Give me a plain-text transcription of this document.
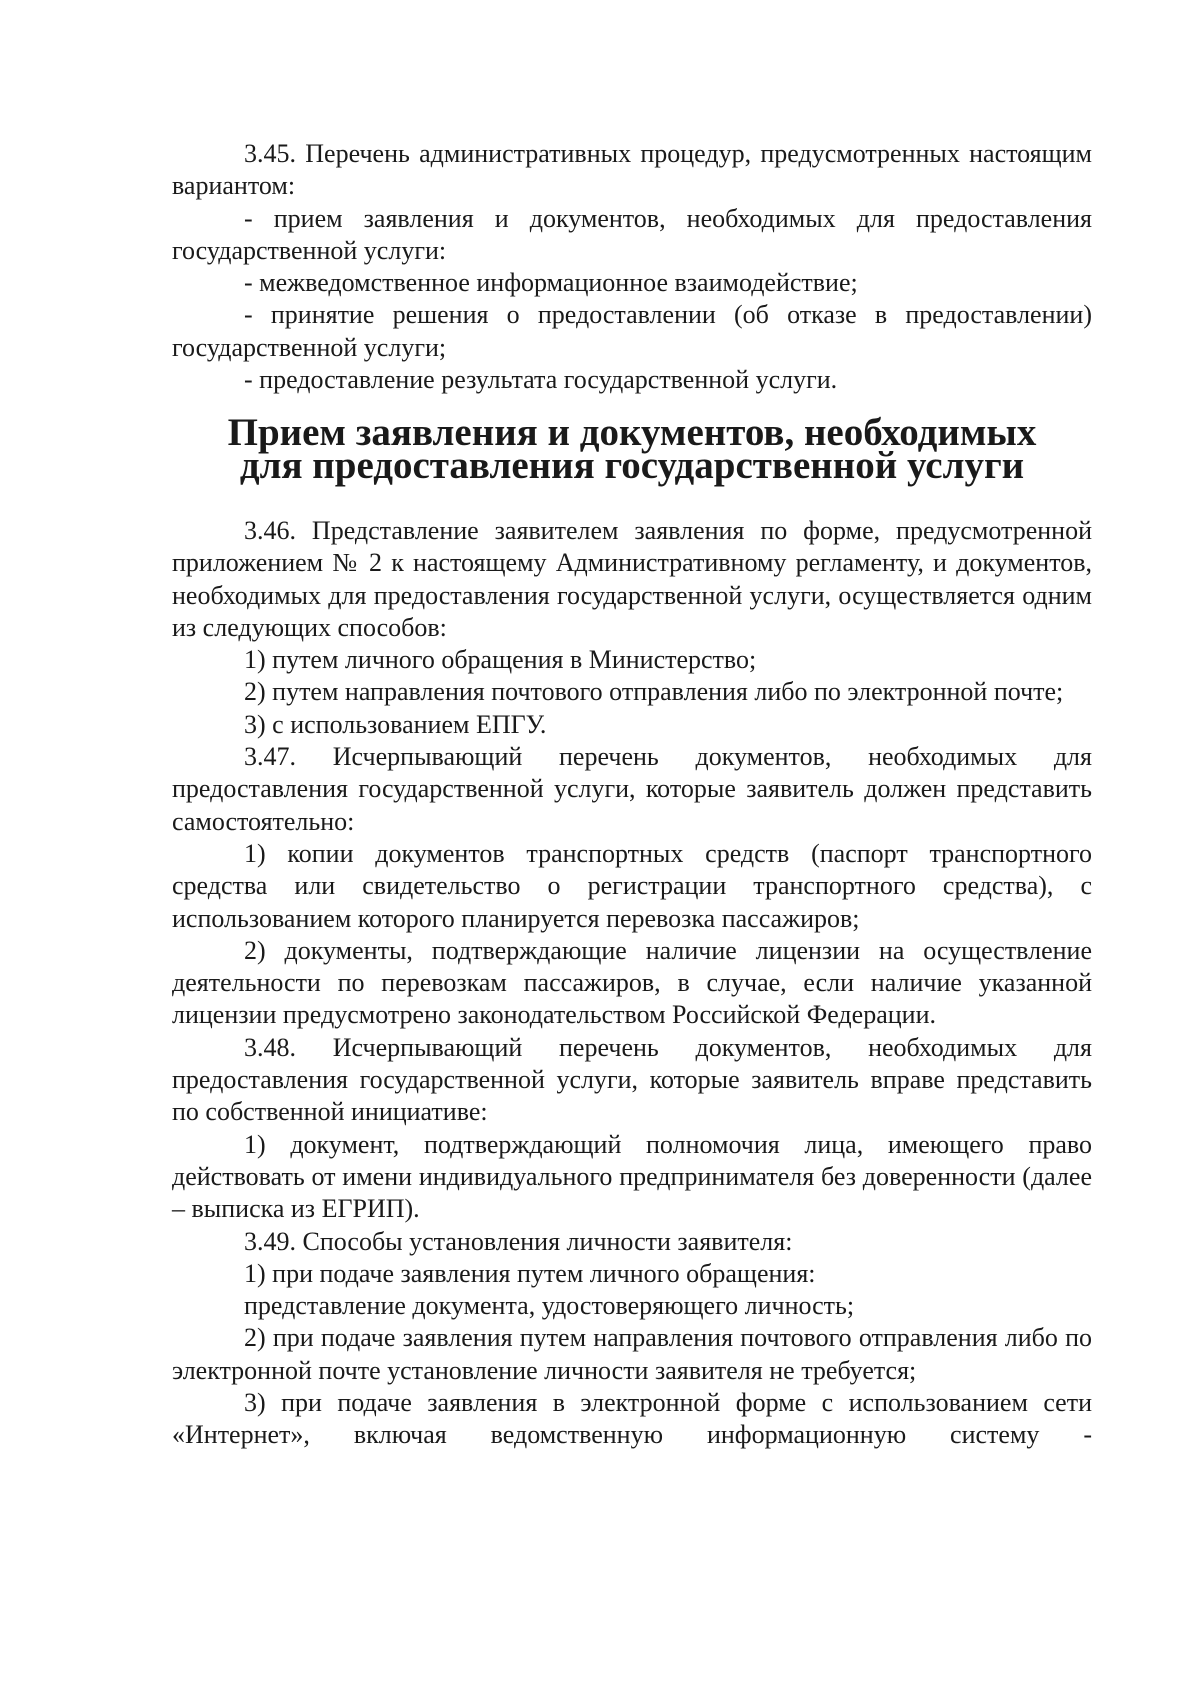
3.45. Перечень административных процедур, предусмотренных настоящим вариантом:

- прием заявления и документов, необходимых для предоставления государственной услуги:

- межведомственное информационное взаимодействие;

- принятие решения о предоставлении (об отказе в предоставлении) государственной услуги;

- предоставление результата государственной услуги.

Прием заявления и документов, необходимых
для предоставления государственной услуги

3.46. Представление заявителем заявления по форме, предусмотренной приложением № 2 к настоящему Административному регламенту, и документов, необходимых для предоставления государственной услуги, осуществляется одним из следующих способов:

1) путем личного обращения в Министерство;

2) путем направления почтового отправления либо по электронной почте;

3) с использованием ЕПГУ.

3.47. Исчерпывающий перечень документов, необходимых для предоставления государственной услуги, которые заявитель должен представить самостоятельно:

1) копии документов транспортных средств (паспорт транспортного средства или свидетельство о регистрации транспортного средства), с использованием которого планируется перевозка пассажиров;

2) документы, подтверждающие наличие лицензии на осуществление деятельности по перевозкам пассажиров, в случае, если наличие указанной лицензии предусмотрено законодательством Российской Федерации.

3.48. Исчерпывающий перечень документов, необходимых для предоставления государственной услуги, которые заявитель вправе представить по собственной инициативе:

1) документ, подтверждающий полномочия лица, имеющего право действовать от имени индивидуального предпринимателя без доверенности (далее – выписка из ЕГРИП).

3.49. Способы установления личности заявителя:

1) при подаче заявления путем личного обращения:

представление документа, удостоверяющего личность;

2) при подаче заявления путем направления почтового отправления либо по электронной почте установление личности заявителя не требуется;

3) при подаче заявления в электронной форме с использованием сети «Интернет», включая ведомственную информационную систему -
